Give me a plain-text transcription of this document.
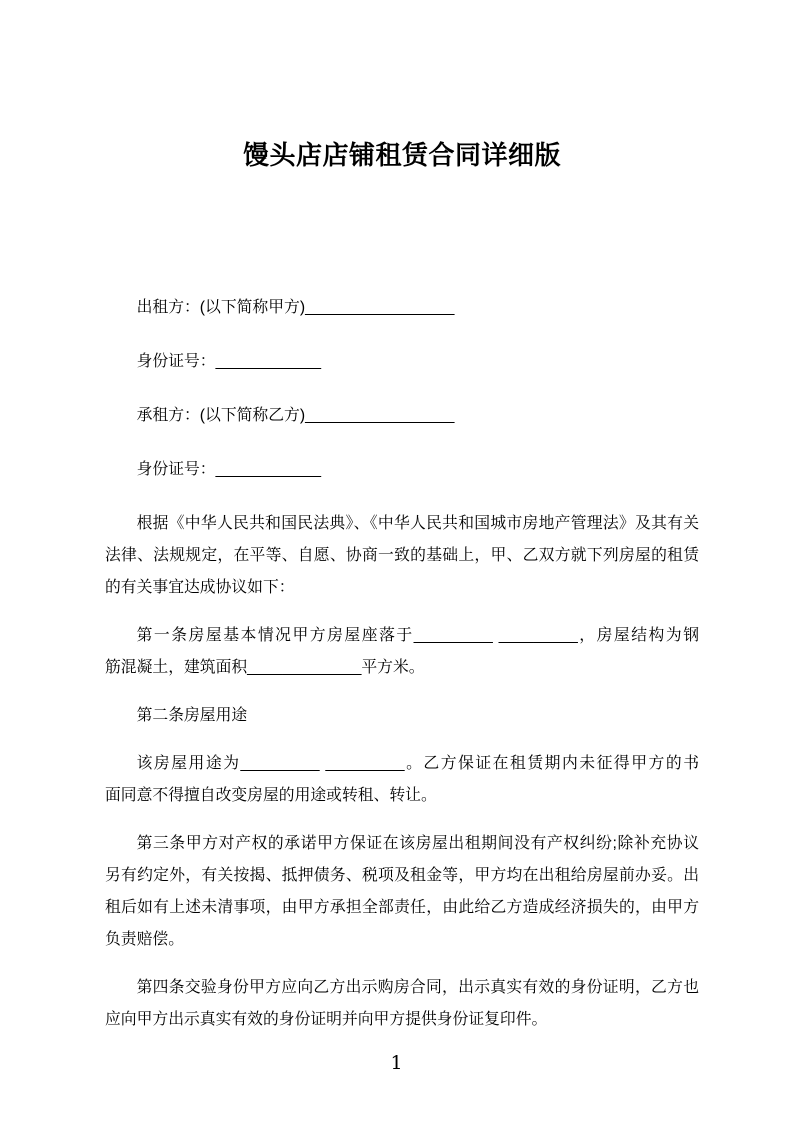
馒头店店铺租赁合同详细版

出租方：(以下简称甲方)_________________

身份证号：____________

承租方：(以下简称乙方)_________________

身份证号：____________

根据《中华人民共和国民法典》、《中华人民共和国城市房地产管理法》及其有关
法律、法规规定，在平等、自愿、协商一致的基础上，甲、乙双方就下列房屋的租赁
的有关事宜达成协议如下：
第一条房屋基本情况甲方房屋座落于_________ _________，房屋结构为钢
筋混凝土，建筑面积_____________平方米。
第二条房屋用途
该房屋用途为_________ _________。乙方保证在租赁期内未征得甲方的书
面同意不得擅自改变房屋的用途或转租、转让。
第三条甲方对产权的承诺甲方保证在该房屋出租期间没有产权纠纷;除补充协议
另有约定外，有关按揭、抵押债务、税项及租金等，甲方均在出租给房屋前办妥。出
租后如有上述未清事项，由甲方承担全部责任，由此给乙方造成经济损失的，由甲方
负责赔偿。
第四条交验身份甲方应向乙方出示购房合同，出示真实有效的身份证明，乙方也
应向甲方出示真实有效的身份证明并向甲方提供身份证复印件。
1
